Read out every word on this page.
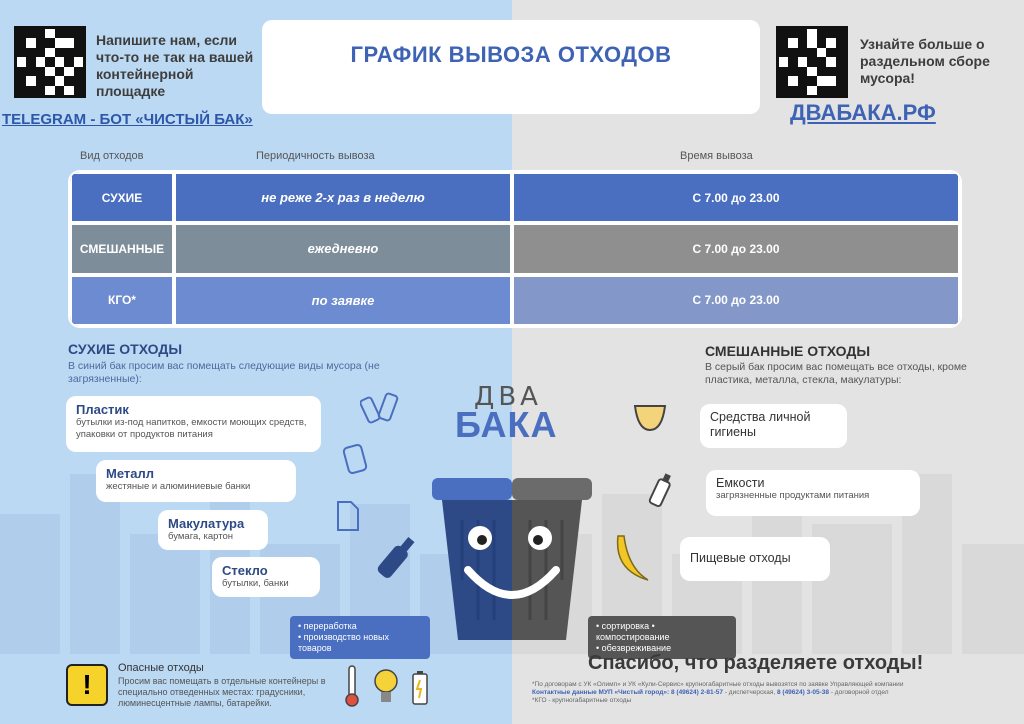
Напишите нам, если что-то не так на вашей контейнерной площадке
TELEGRAM - БОТ «ЧИСТЫЙ БАК»
ГРАФИК ВЫВОЗА ОТХОДОВ	Узнайте больше о раздельном сборе мусора!
ДВАБАКА.РФ
Вид отходов	Периодичность вывоза	Время вывоза
СУХИЕ	не реже 2-х раз в неделю	С 7.00 до 23.00
СМЕШАННЫЕ	ежедневно	С 7.00 до 23.00
КГО*	по заявке	С 7.00 до 23.00
СУХИЕ ОТХОДЫ
В синий бак просим вас помещать следующие виды мусора (не загрязненные):
Пластик
бутылки из-под напитков, емкости моющих средств, упаковки от продуктов питания
Металл
жестяные и алюминиевые банки
Макулатура
бумага, картон
Стекло
бутылки, банки
• переработка
• производство новых товаров
ДВА
БАКА
СМЕШАННЫЕ ОТХОДЫ
В серый бак просим вас помещать все отходы, кроме пластика, металла, стекла, макулатуры:
Средства личной гигиены
Емкости
загрязненные продуктами питания
Пищевые отходы
• сортировка • компостирование
• обезвреживание
!
Опасные отходы
Просим вас помещать в отдельные контейнеры в специально отведенных местах: градусники, люминесцентные лампы, батарейки.
Спасибо, что разделяете отходы!
*По договорам с УК «Олимп» и УК «Кули-Сервис» крупногабаритные отходы вывозятся по заявке Управляющей компании
Контактные данные МУП «Чистый город»: 8 (49624) 2-81-57 - диспетчерская, 8 (49624) 3-05-38 - договорной отдел
*КГО - крупногабаритные отходы
